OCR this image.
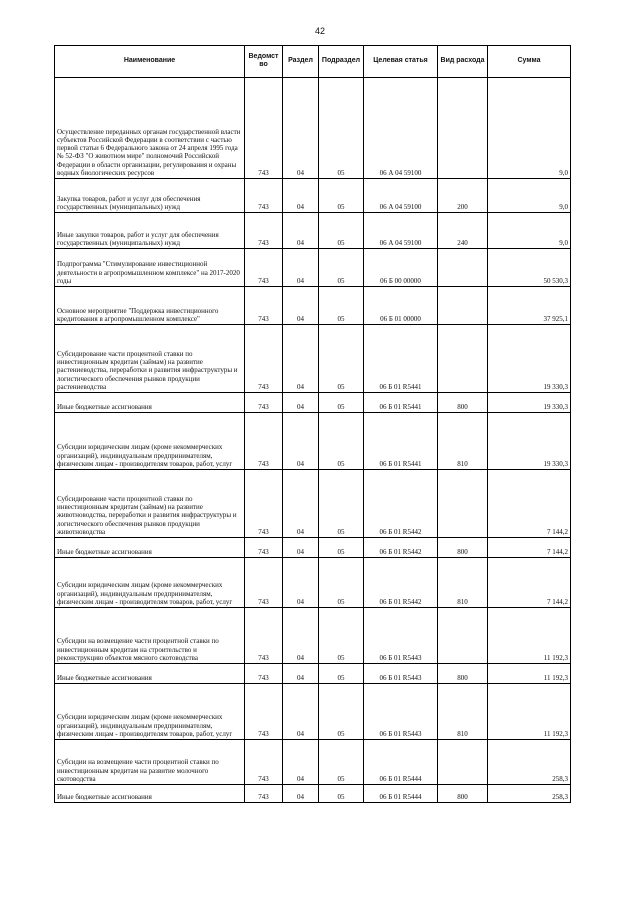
42
Наименование	Ведомст во	Раздел	Подраздел	Целевая статья	Вид расхода	Сумма
Осуществление переданных органам государственной власти субъектов Российской Федерации в соответствии с частью первой статьи 6 Федерального закона от 24 апреля 1995 года № 52-ФЗ "О животном мире" полномочий Российской Федерации в области организации, регулирования и охраны водных биологических ресурсов	743	04	05	06 А 04 59100		9,0
Закупка товаров, работ и услуг для обеспечения государственных (муниципальных) нужд	743	04	05	06 А 04 59100	200	9,0
Иные закупки товаров, работ и услуг для обеспечения государственных (муниципальных) нужд	743	04	05	06 А 04 59100	240	9,0
Подпрограмма "Стимулирование инвестиционной деятельности в агропромышленном комплексе" на 2017-2020 годы	743	04	05	06 Б 00 00000		50 530,3
Основное мероприятие "Поддержка инвестиционного кредитования в агропромышленном комплексе"	743	04	05	06 Б 01 00000		37 925,1
Субсидирование части процентной ставки по инвестиционным кредитам (займам) на развитие растениеводства, переработки и развития инфраструктуры и логистического обеспечения рынков продукции растениеводства	743	04	05	06 Б 01 R5441		19 330,3
Иные бюджетные ассигнования	743	04	05	06 Б 01 R5441	800	19 330,3
Субсидии юридическим лицам (кроме некоммерческих организаций), индивидуальным предпринимателям, физическим лицам - производителям товаров, работ, услуг	743	04	05	06 Б 01 R5441	810	19 330,3
Субсидирование части процентной ставки по инвестиционным кредитам (займам) на развитие животноводства, переработки и развития инфраструктуры и логистического обеспечения рынков продукции животноводства	743	04	05	06 Б 01 R5442		7 144,2
Иные бюджетные ассигнования	743	04	05	06 Б 01 R5442	800	7 144,2
Субсидии юридическим лицам (кроме некоммерческих организаций), индивидуальным предпринимателям, физическим лицам - производителям товаров, работ, услуг	743	04	05	06 Б 01 R5442	810	7 144,2
Субсидии на возмещение части процентной ставки по инвестиционным кредитам на строительство и реконструкцию объектов мясного скотоводства	743	04	05	06 Б 01 R5443		11 192,3
Иные бюджетные ассигнования	743	04	05	06 Б 01 R5443	800	11 192,3
Субсидии юридическим лицам (кроме некоммерческих организаций), индивидуальным предпринимателям, физическим лицам - производителям товаров, работ, услуг	743	04	05	06 Б 01 R5443	810	11 192,3
Субсидии на возмещение части процентной ставки по инвестиционным кредитам на развитие молочного скотоводства	743	04	05	06 Б 01 R5444		258,3
Иные бюджетные ассигнования	743	04	05	06 Б 01 R5444	800	258,3
